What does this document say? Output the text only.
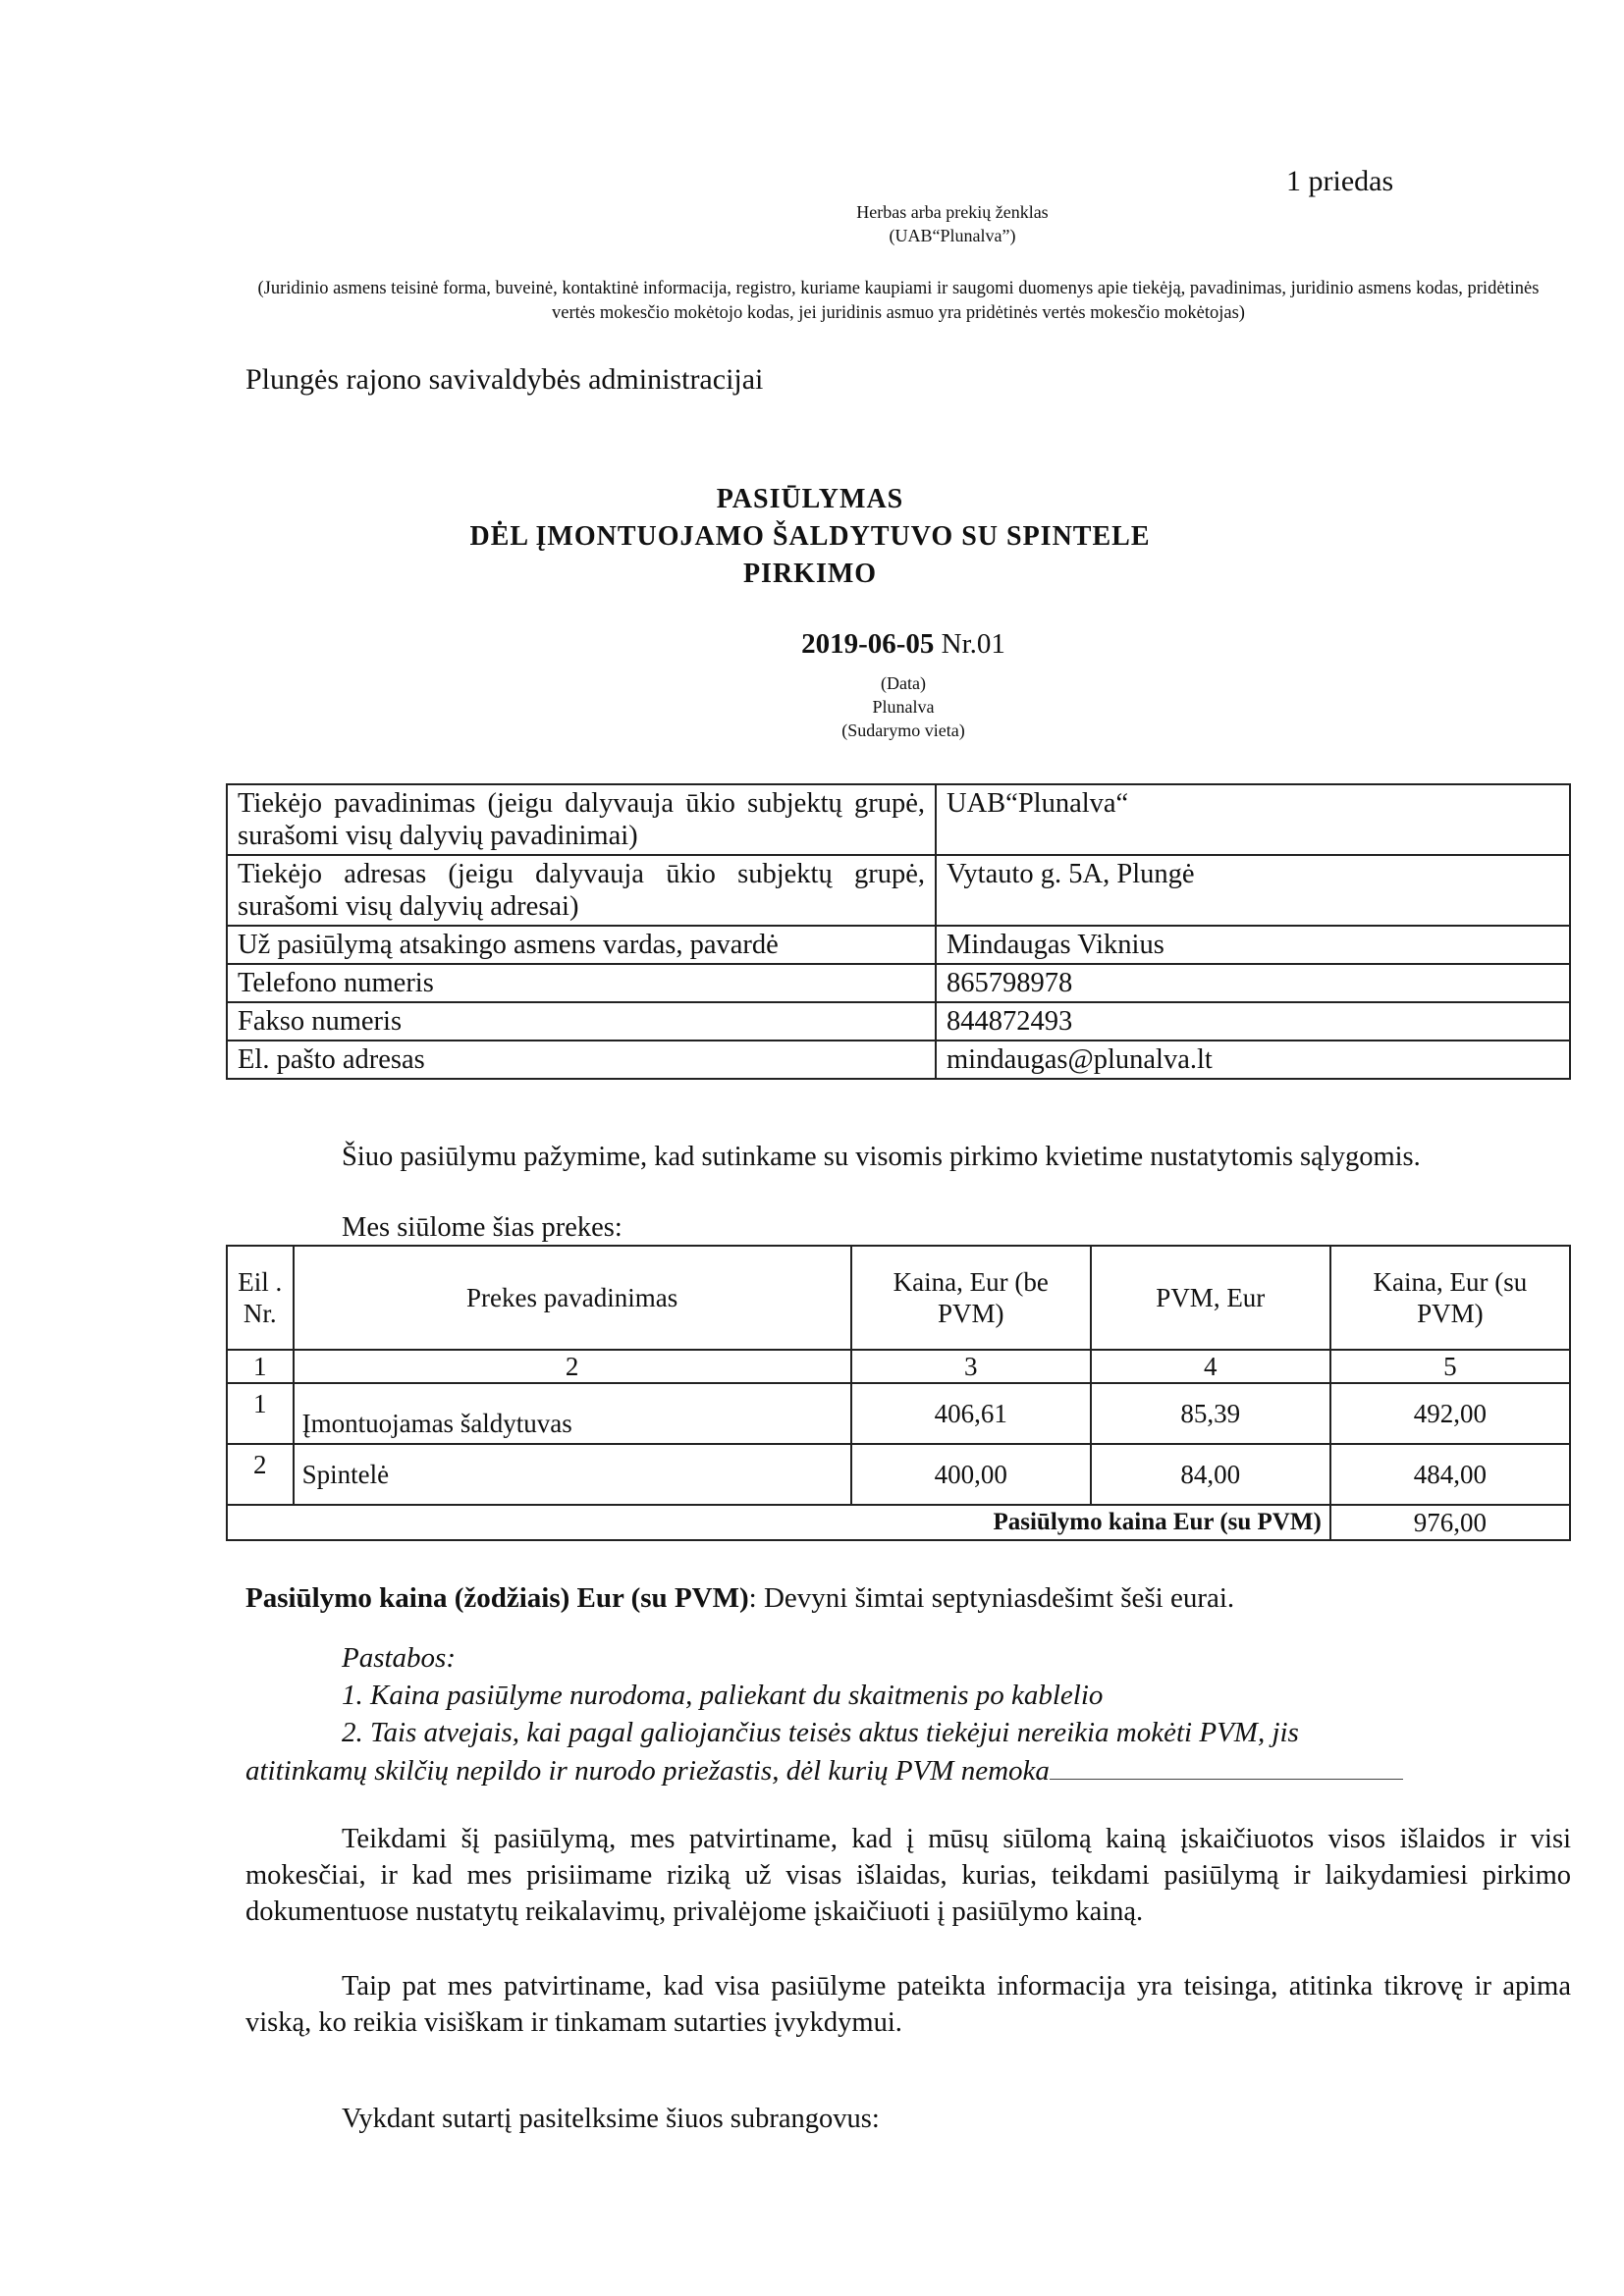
1 priedas
Herbas arba prekių ženklas
(UAB“Plunalva”)
(Juridinio asmens teisinė forma, buveinė, kontaktinė informacija, registro, kuriame kaupiami ir saugomi duomenys apie tiekėją, pavadinimas, juridinio asmens kodas, pridėtinės vertės mokesčio mokėtojo kodas, jei juridinis asmuo yra pridėtinės vertės mokesčio mokėtojas)
Plungės rajono savivaldybės administracijai
PASIŪLYMAS
DĖL ĮMONTUOJAMO ŠALDYTUVO SU SPINTELE
PIRKIMO
2019-06-05 Nr.01
(Data)
Plunalva
(Sudarymo vieta)
Tiekėjo pavadinimas (jeigu dalyvauja ūkio subjektų grupė, surašomi visų dalyvių pavadinimai)	UAB“Plunalva“
Tiekėjo adresas (jeigu dalyvauja ūkio subjektų grupė, surašomi visų dalyvių adresai)	Vytauto g. 5A, Plungė
Už pasiūlymą atsakingo asmens vardas, pavardė	Mindaugas Viknius
Telefono numeris	865798978
Fakso numeris	844872493
El. pašto adresas	mindaugas@plunalva.lt
Šiuo pasiūlymu pažymime, kad sutinkame su visomis pirkimo kvietime nustatytomis sąlygomis.
Mes siūlome šias prekes:
Eil . Nr.	Prekes pavadinimas	Kaina, Eur (be PVM)	PVM, Eur	Kaina, Eur (su PVM)
1	2	3	4	5
1	Įmontuojamas šaldytuvas	406,61	85,39	492,00
2	Spintelė	400,00	84,00	484,00
Pasiūlymo kaina Eur (su PVM)				976,00
Pasiūlymo kaina (žodžiais) Eur (su PVM): Devyni šimtai septyniasdešimt šeši eurai.
Pastabos:
1. Kaina pasiūlyme nurodoma, paliekant du skaitmenis po kablelio
2. Tais atvejais, kai pagal galiojančius teisės aktus tiekėjui nereikia mokėti PVM, jis
atitinkamų skilčių nepildo ir nurodo priežastis, dėl kurių PVM nemoka
Teikdami šį pasiūlymą, mes patvirtiname, kad į mūsų siūlomą kainą įskaičiuotos visos išlaidos ir visi mokesčiai, ir kad mes prisiimame riziką už visas išlaidas, kurias, teikdami pasiūlymą ir laikydamiesi pirkimo dokumentuose nustatytų reikalavimų, privalėjome įskaičiuoti į pasiūlymo kainą.
Taip pat mes patvirtiname, kad visa pasiūlyme pateikta informacija yra teisinga, atitinka tikrovę ir apima viską, ko reikia visiškam ir tinkamam sutarties įvykdymui.
Vykdant sutartį pasitelksime šiuos subrangovus:
